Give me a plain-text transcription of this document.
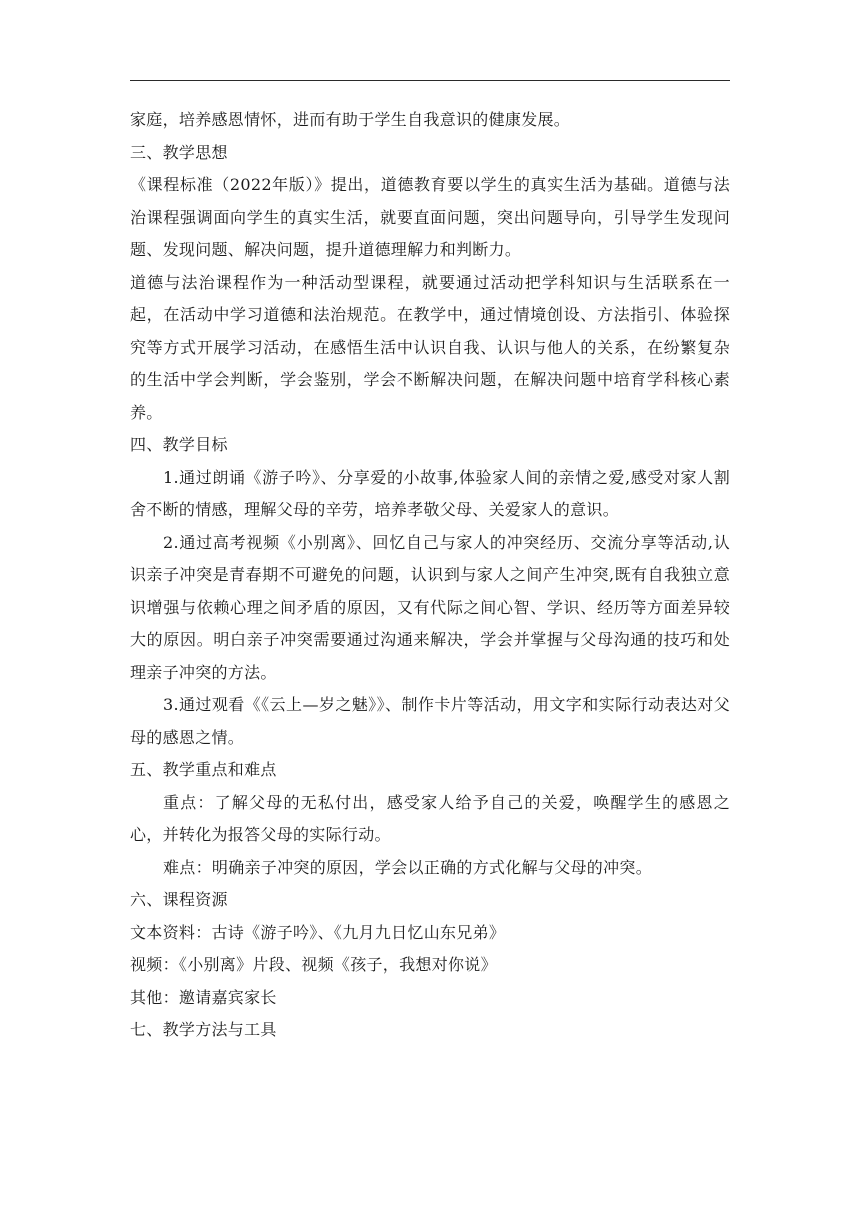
家庭，培养感恩情怀，进而有助于学生自我意识的健康发展。

三、教学思想

《课程标准（2022年版）》提出，道德教育要以学生的真实生活为基础。道德与法治课程强调面向学生的真实生活，就要直面问题，突出问题导向，引导学生发现问题、发现问题、解决问题，提升道德理解力和判断力。

道德与法治课程作为一种活动型课程，就要通过活动把学科知识与生活联系在一起，在活动中学习道德和法治规范。在教学中，通过情境创设、方法指引、体验探究等方式开展学习活动，在感悟生活中认识自我、认识与他人的关系，在纷繁复杂的生活中学会判断，学会鉴别，学会不断解决问题，在解决问题中培育学科核心素养。

四、教学目标

1.通过朗诵《游子吟》、分享爱的小故事,体验家人间的亲情之爱,感受对家人割舍不断的情感，理解父母的辛劳，培养孝敬父母、关爱家人的意识。

2.通过高考视频《小别离》、回忆自己与家人的冲突经历、交流分享等活动,认识亲子冲突是青春期不可避免的问题，认识到与家人之间产生冲突,既有自我独立意识增强与依赖心理之间矛盾的原因，又有代际之间心智、学识、经历等方面差异较大的原因。明白亲子冲突需要通过沟通来解决，学会并掌握与父母沟通的技巧和处理亲子冲突的方法。

3.通过观看《《云上—岁之魅》》、制作卡片等活动，用文字和实际行动表达对父母的感恩之情。

五、教学重点和难点

重点：了解父母的无私付出，感受家人给予自己的关爱，唤醒学生的感恩之心，并转化为报答父母的实际行动。

难点：明确亲子冲突的原因，学会以正确的方式化解与父母的冲突。

六、课程资源

文本资料：古诗《游子吟》、《九月九日忆山东兄弟》

视频：《小别离》片段、视频《孩子，我想对你说》

其他：邀请嘉宾家长

七、教学方法与工具
